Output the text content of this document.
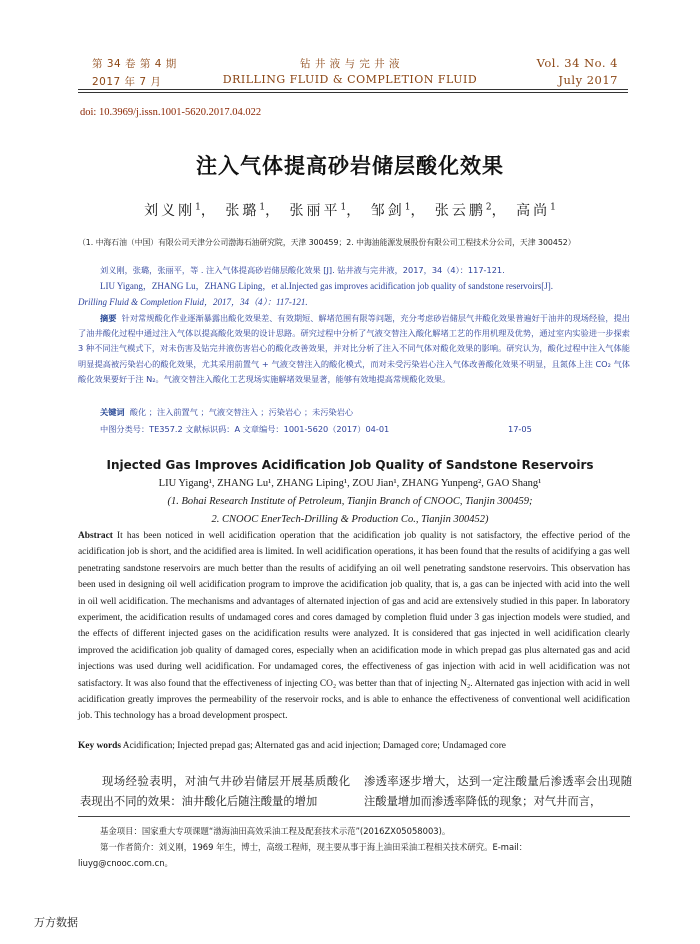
第 34 卷 第 4 期
2017 年 7 月
钻 井 液 与 完 井 液
DRILLING FLUID & COMPLETION FLUID
Vol. 34 No. 4
July 2017
doi: 10.3969/j.issn.1001-5620.2017.04.022
注入气体提高砂岩储层酸化效果
刘义刚$^1$， 张璐$^1$， 张丽平$^1$， 邹剑$^1$， 张云鹏$^2$， 高尚$^1$
（1. 中海石油（中国）有限公司天津分公司渤海石油研究院，天津 300459；2. 中海油能源发展股份有限公司工程技术分公司，天津 300452）
刘义刚，张璐，张丽平，等 . 注入气体提高砂岩储层酸化效果 [J]. 钻井液与完井液，2017，34（4）：117-121.
LIU Yigang，ZHANG Lu，ZHANG Liping，et al.Injected gas improves acidification job quality of sandstone reservoirs[J].
Drilling Fluid & Completion Fluid，2017，34（4）：117-121.
摘要 针对常规酸化作业逐渐暴露出酸化效果差、有效期短、解堵范围有限等问题，充分考虑砂岩储层气井酸化效果普遍好于油井的现场经验，提出了油井酸化过程中通过注入气体以提高酸化效果的设计思路。研究过程中分析了气液交替注入酸化解堵工艺的作用机理及优势，通过室内实验进一步探索 3 种不同注气模式下，对未伤害及钻完井液伤害岩心的酸化改善效果，并对比分析了注入不同气体对酸化效果的影响。研究认为，酸化过程中注入气体能明显提高被污染岩心的酸化效果，尤其采用前置气 + 气液交替注入的酸化模式，而对未受污染岩心注入气体改善酸化效果不明显，且氮体上注 CO₂ 气体酸化效果要好于注 N₂。气液交替注入酸化工艺现场实施解堵效果显著，能够有效地提高常规酸化效果。
关键词 酸化 ；注入前置气 ；气液交替注入 ；污染岩心 ；未污染岩心
中图分类号：TE357.2 文献标识码：A 文章编号：1001-5620（2017）04-01	17-05
Injected Gas Improves Acidification Job Quality of Sandstone Reservoirs
LIU Yigang¹, ZHANG Lu¹, ZHANG Liping¹, ZOU Jian¹, ZHANG Yunpeng², GAO Shang¹
(1. Bohai Research Institute of Petroleum, Tianjin Branch of CNOOC, Tianjin 300459;
2. CNOOC EnerTech-Drilling & Production Co., Tianjin 300452)
Abstract It has been noticed in well acidification operation that the acidification job quality is not satisfactory, the effective period of the acidification job is short, and the acidified area is limited. In well acidification operations, it has been found that the results of acidifying a gas well penetrating sandstone reservoirs are much better than the results of acidifying an oil well penetrating sandstone reservoirs. This observation has been used in designing oil well acidification program to improve the acidification job quality, that is, a gas can be injected with acid into the well in oil well acidification. The mechanisms and advantages of alternated injection of gas and acid are extensively studied in this paper. In laboratory experiment, the acidification results of undamaged cores and cores damaged by completion fluid under 3 gas injection models were studied, and the effects of different injected gases on the acidification results were analyzed. It is considered that gas injected in well acidification clearly improved the acidification job quality of damaged cores, especially when an acidification mode in which prepad gas plus alternated gas and acid injections was used during well acidification. For undamaged cores, the effectiveness of gas injection with acid in well acidification was not satisfactory. It was also found that the effectiveness of injecting CO₂ was better than that of injecting N₂. Alternated gas injection with acid in well acidification greatly improves the permeability of the reservoir rocks, and is able to enhance the effectiveness of conventional well acidification job. This technology has a broad development prospect.
Key words Acidification; Injected prepad gas; Alternated gas and acid injection; Damaged core; Undamaged core
现场经验表明，对油气井砂岩储层开展基质酸化表现出不同的效果：油井酸化后随注酸量的增加
渗透率逐步增大，达到一定注酸量后渗透率会出现随注酸量增加而渗透率降低的现象；对气井而言，
基金项目：国家重大专项课题“渤海油田高效采油工程及配套技术示范”(2016ZX05058003)。
第一作者简介：刘义刚，1969 年生，博士，高级工程师，现主要从事于海上油田采油工程相关技术研究。E-mail：
liuyg@cnooc.com.cn。
万方数据
